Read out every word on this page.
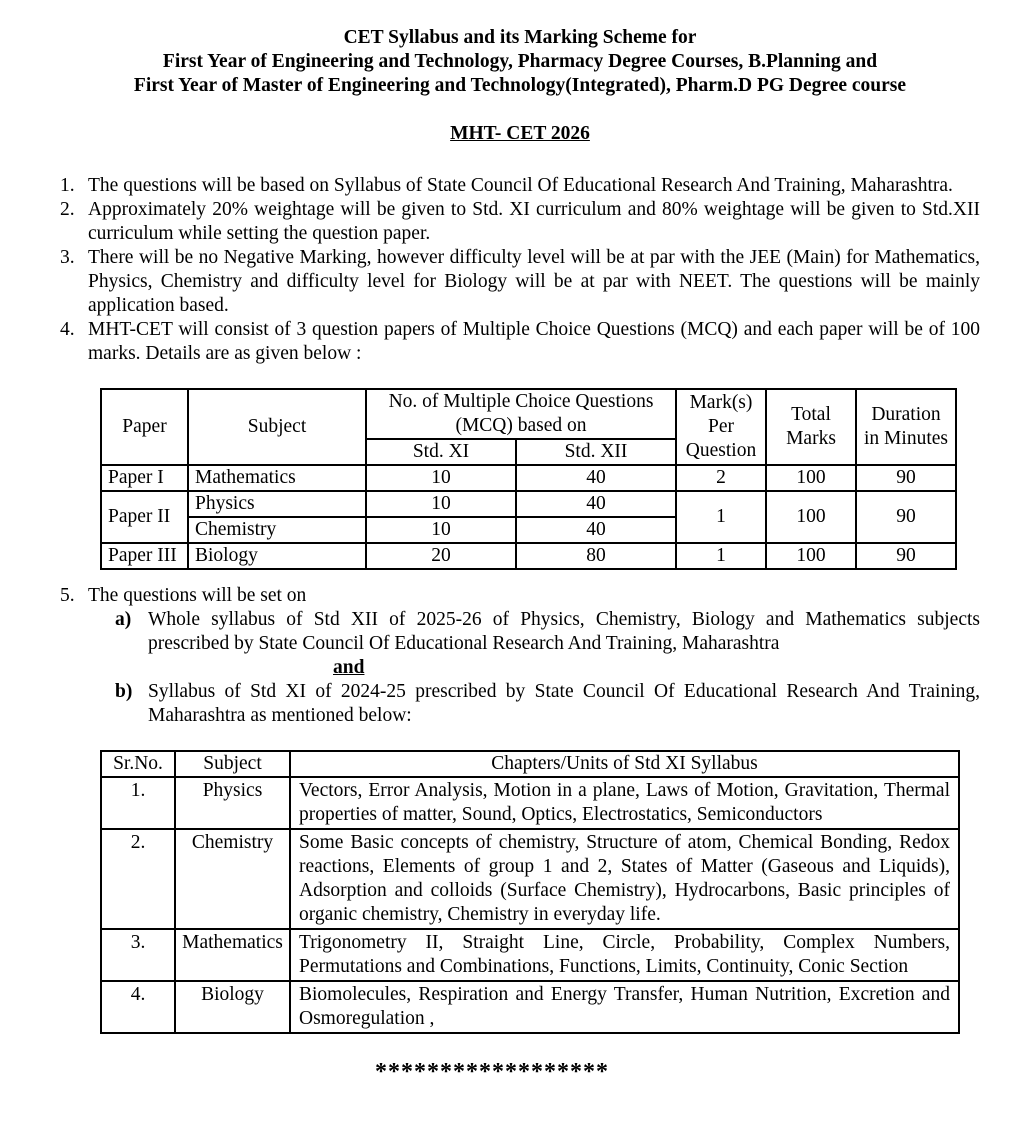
CET Syllabus and its Marking Scheme for
First Year of Engineering and Technology, Pharmacy Degree Courses, B.Planning and
First Year of Master of Engineering and Technology(Integrated), Pharm.D PG Degree course
MHT- CET 2026
1. The questions will be based on Syllabus of State Council Of Educational Research And Training, Maharashtra.
2. Approximately 20% weightage will be given to Std. XI curriculum and 80% weightage will be given to Std.XII curriculum while setting the question paper.
3. There will be no Negative Marking, however difficulty level will be at par with the JEE (Main) for Mathematics, Physics, Chemistry and difficulty level for Biology will be at par with NEET. The questions will be mainly application based.
4. MHT-CET will consist of 3 question papers of Multiple Choice Questions (MCQ) and each paper will be of 100 marks. Details are as given below :
Paper	Subject	No. of Multiple Choice Questions (MCQ) based on		Mark(s) Per Question	Total Marks	Duration in Minutes
		Std. XI	Std. XII			
Paper I	Mathematics	10	40	2	100	90
Paper II	Physics	10	40	1	100	90
	Chemistry	10	40			
Paper III	Biology	20	80	1	100	90
5. The questions will be set on
a) Whole syllabus of Std XII of 2025-26 of Physics, Chemistry, Biology and Mathematics subjects prescribed by State Council Of Educational Research And Training, Maharashtra
and
b) Syllabus of Std XI of 2024-25 prescribed by State Council Of Educational Research And Training, Maharashtra as mentioned below:
Sr.No.	Subject	Chapters/Units of Std XI Syllabus
1.	Physics	Vectors, Error Analysis, Motion in a plane, Laws of Motion, Gravitation, Thermal properties of matter, Sound, Optics, Electrostatics, Semiconductors
2.	Chemistry	Some Basic concepts of chemistry, Structure of atom, Chemical Bonding, Redox reactions, Elements of group 1 and 2, States of Matter (Gaseous and Liquids), Adsorption and colloids (Surface Chemistry), Hydrocarbons, Basic principles of organic chemistry, Chemistry in everyday life.
3.	Mathematics	Trigonometry II, Straight Line, Circle, Probability, Complex Numbers, Permutations and Combinations, Functions, Limits, Continuity, Conic Section
4.	Biology	Biomolecules, Respiration and Energy Transfer, Human Nutrition, Excretion and Osmoregulation ,
******************
